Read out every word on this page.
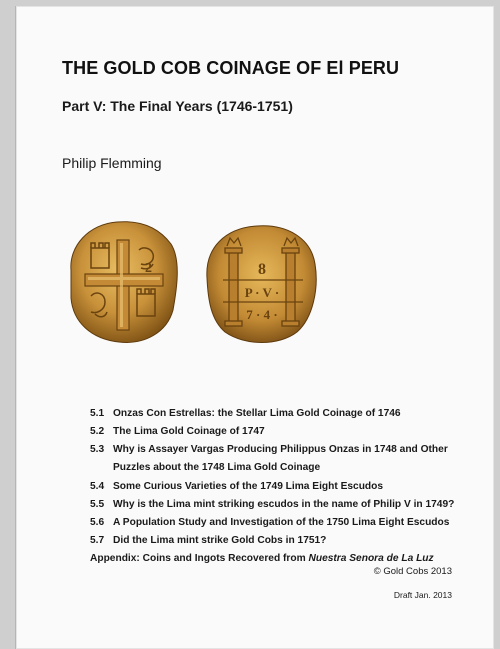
THE GOLD COB COINAGE OF El PERU
Part V: The Final Years (1746-1751)
Philip Flemming
2	8
P · V ·
7 · 4 ·
5.1 Onzas Con Estrellas: the Stellar Lima Gold Coinage of 1746
5.2 The Lima Gold Coinage of 1747
5.3 Why is Assayer Vargas Producing Philippus Onzas in 1748 and Other
Puzzles about the 1748 Lima Gold Coinage
5.4 Some Curious Varieties of the 1749 Lima Eight Escudos
5.5 Why is the Lima mint striking escudos in the name of Philip V in 1749?
5.6 A Population Study and Investigation of the 1750 Lima Eight Escudos
5.7 Did the Lima mint strike Gold Cobs in 1751?
Appendix: Coins and Ingots Recovered from Nuestra Senora de La Luz
© Gold Cobs 2013
Draft Jan. 2013
